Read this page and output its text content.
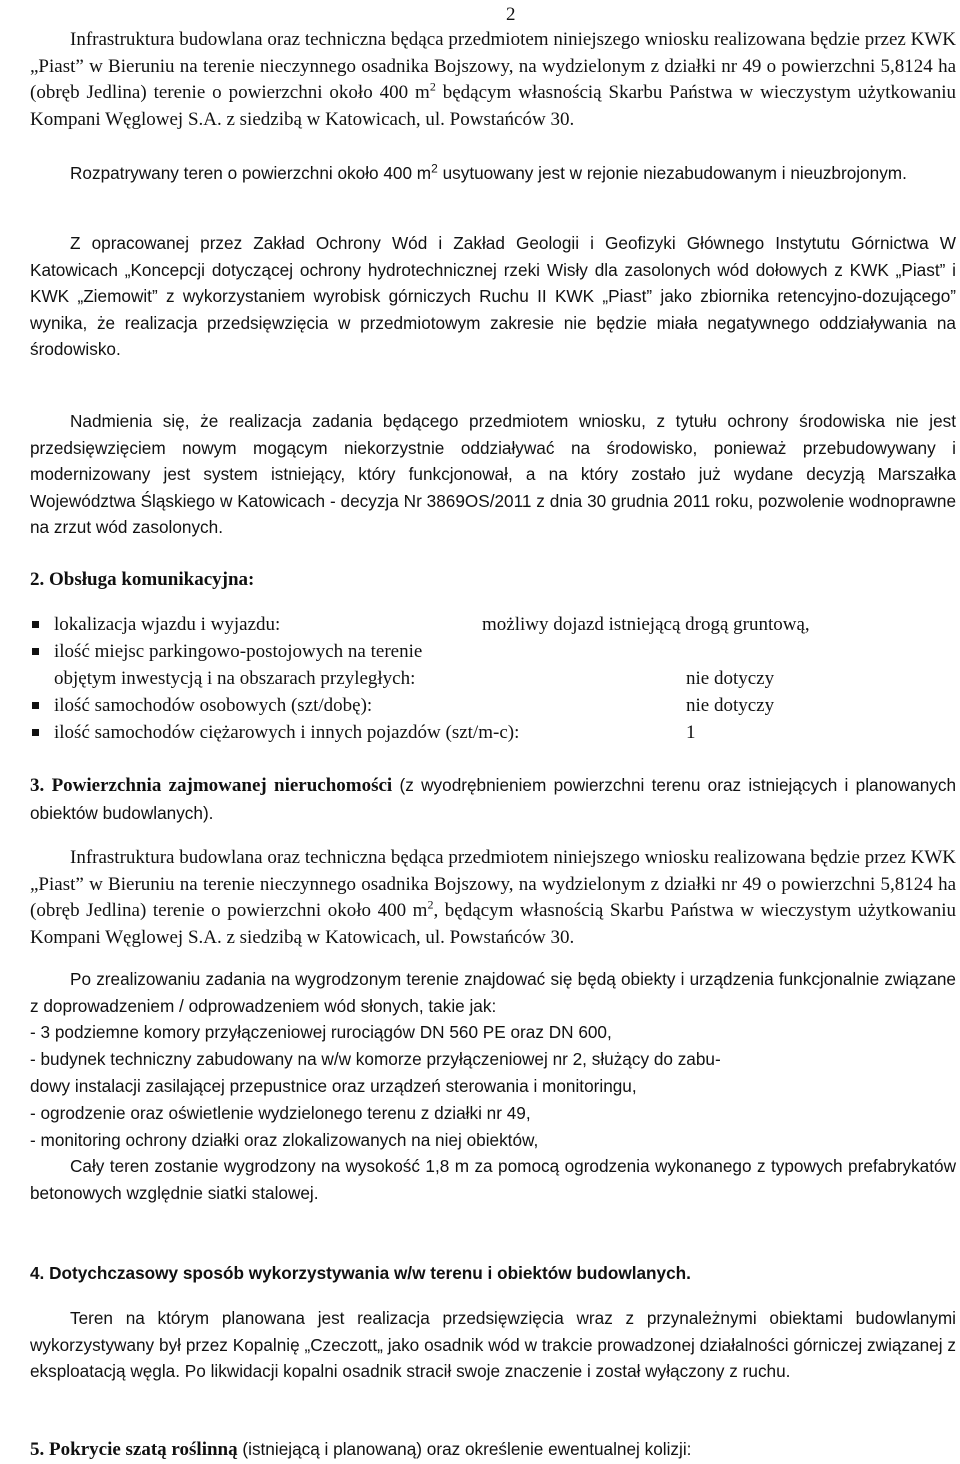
2
Infrastruktura budowlana oraz techniczna będąca przedmiotem niniejszego wniosku realizowana będzie przez KWK „Piast” w Bieruniu na terenie nieczynnego osadnika Bojszowy, na wydzielonym z działki nr 49 o powierzchni 5,8124 ha (obręb Jedlina) terenie o powierzchni około 400 $m^2$ będącym własnością Skarbu Państwa w wieczystym użytkowaniu Kompani Węglowej S.A. z siedzibą w Katowicach, ul. Powstańców 30.
Rozpatrywany teren o powierzchni około 400 $m^2$ usytuowany jest w rejonie niezabudowanym i nieuzbrojonym.
Z opracowanej przez Zakład Ochrony Wód i Zakład Geologii i Geofizyki Głównego Instytutu Górnictwa W Katowicach „Koncepcji dotyczącej ochrony hydrotechnicznej rzeki Wisły dla zasolonych wód dołowych z KWK „Piast” i KWK „Ziemowit” z wykorzystaniem wyrobisk górniczych Ruchu II KWK „Piast” jako zbiornika retencyjno-dozującego” wynika, że realizacja przedsięwzięcia w przedmiotowym zakresie nie będzie miała negatywnego oddziaływania na środowisko.
Nadmienia się, że realizacja zadania będącego przedmiotem wniosku, z tytułu ochrony środowiska nie jest przedsięwzięciem nowym mogącym niekorzystnie oddziaływać na środowisko, ponieważ przebudowywany i modernizowany jest system istniejący, który funkcjonował, a na który zostało już wydane decyzją Marszałka Województwa Śląskiego w Katowicach - decyzja Nr 3869OS/2011 z dnia 30 grudnia 2011 roku, pozwolenie wodnoprawne na zrzut wód zasolonych.
2. Obsługa komunikacyjna:
lokalizacja wjazdu i wyjazdu:	możliwy dojazd istniejącą drogą gruntową,
ilość miejsc parkingowo-postojowych na terenie
objętym inwestycją i na obszarach przyległych:	nie dotyczy
ilość samochodów osobowych (szt/dobę):	nie dotyczy
ilość samochodów ciężarowych i innych pojazdów (szt/m-c):	1
3. Powierzchnia zajmowanej nieruchomości (z wyodrębnieniem powierzchni terenu oraz istniejących i planowanych obiektów budowlanych).
Infrastruktura budowlana oraz techniczna będąca przedmiotem niniejszego wniosku realizowana będzie przez KWK „Piast” w Bieruniu na terenie nieczynnego osadnika Bojszowy, na wydzielonym z działki nr 49 o powierzchni 5,8124 ha (obręb Jedlina) terenie o powierzchni około 400 $m^2$, będącym własnością Skarbu Państwa w wieczystym użytkowaniu Kompani Węglowej S.A. z siedzibą w Katowicach, ul. Powstańców 30.
Po zrealizowaniu zadania na wygrodzonym terenie znajdować się będą obiekty i urządzenia funkcjonalnie związane z doprowadzeniem / odprowadzeniem wód słonych, takie jak:
- 3 podziemne komory przyłączeniowej rurociągów DN 560 PE oraz DN 600,
- budynek techniczny zabudowany na w/w komorze przyłączeniowej nr 2, służący do zabu-
dowy instalacji zasilającej przepustnice oraz urządzeń sterowania i monitoringu,
- ogrodzenie oraz oświetlenie wydzielonego terenu z działki nr 49,
- monitoring ochrony działki oraz zlokalizowanych na niej obiektów,
Cały teren zostanie wygrodzony na wysokość 1,8 m za pomocą ogrodzenia wykonanego z typowych prefabrykatów betonowych względnie siatki stalowej.
4. Dotychczasowy sposób wykorzystywania w/w terenu i obiektów budowlanych.
Teren na którym planowana jest realizacja przedsięwzięcia wraz z przynależnymi obiektami budowlanymi wykorzystywany był przez Kopalnię „Czeczott„ jako osadnik wód w trakcie prowadzonej działalności górniczej związanej z eksploatacją węgla. Po likwidacji kopalni osadnik stracił swoje znaczenie i został wyłączony z ruchu.
5. Pokrycie szatą roślinną (istniejącą i planowaną) oraz określenie ewentualnej kolizji:
